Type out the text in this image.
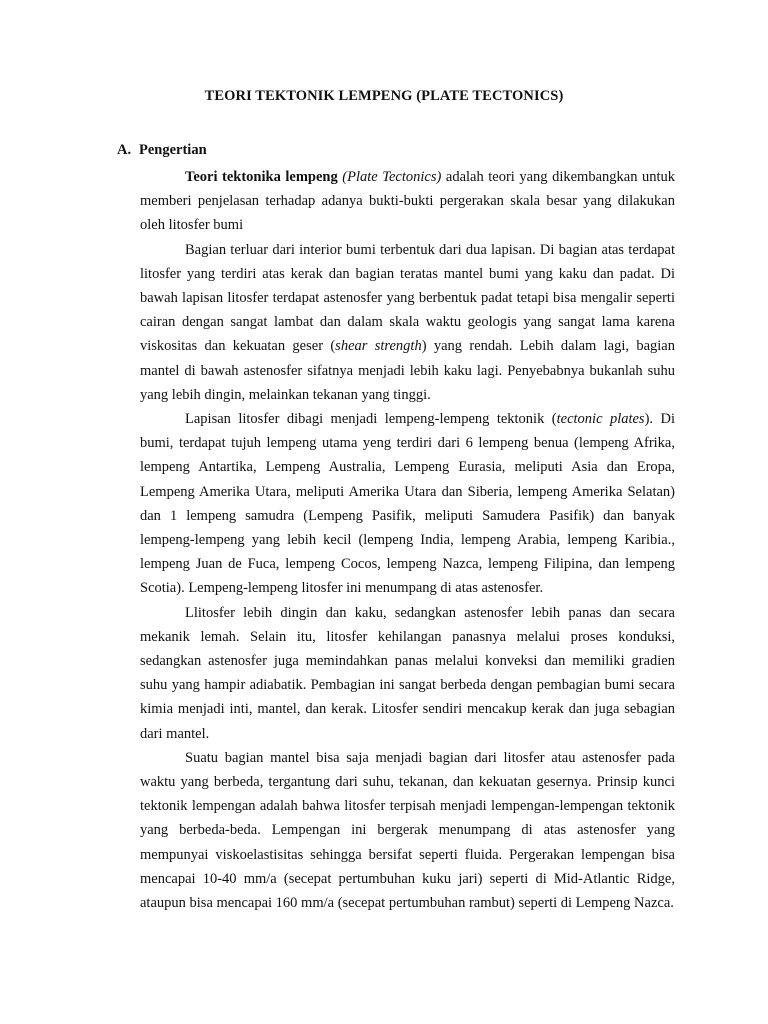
TEORI TEKTONIK LEMPENG (PLATE TECTONICS)
A. Pengertian

Teori tektonika lempeng (Plate Tectonics) adalah teori yang dikembangkan untuk memberi penjelasan terhadap adanya bukti-bukti pergerakan skala besar yang dilakukan oleh litosfer bumi

Bagian terluar dari interior bumi terbentuk dari dua lapisan. Di bagian atas terdapat litosfer yang terdiri atas kerak dan bagian teratas mantel bumi yang kaku dan padat. Di bawah lapisan litosfer terdapat astenosfer yang berbentuk padat tetapi bisa mengalir seperti cairan dengan sangat lambat dan dalam skala waktu geologis yang sangat lama karena viskositas dan kekuatan geser (shear strength) yang rendah. Lebih dalam lagi, bagian mantel di bawah astenosfer sifatnya menjadi lebih kaku lagi. Penyebabnya bukanlah suhu yang lebih dingin, melainkan tekanan yang tinggi.

Lapisan litosfer dibagi menjadi lempeng-lempeng tektonik (tectonic plates). Di bumi, terdapat tujuh lempeng utama yeng terdiri dari 6 lempeng benua (lempeng Afrika, lempeng Antartika, Lempeng Australia, Lempeng Eurasia, meliputi Asia dan Eropa, Lempeng Amerika Utara, meliputi Amerika Utara dan Siberia, lempeng Amerika Selatan) dan 1 lempeng samudra (Lempeng Pasifik, meliputi Samudera Pasifik) dan banyak lempeng-lempeng yang lebih kecil (lempeng India, lempeng Arabia, lempeng Karibia., lempeng Juan de Fuca, lempeng Cocos, lempeng Nazca, lempeng Filipina, dan lempeng Scotia). Lempeng-lempeng litosfer ini menumpang di atas astenosfer.

Llitosfer lebih dingin dan kaku, sedangkan astenosfer lebih panas dan secara mekanik lemah. Selain itu, litosfer kehilangan panasnya melalui proses konduksi, sedangkan astenosfer juga memindahkan panas melalui konveksi dan memiliki gradien suhu yang hampir adiabatik. Pembagian ini sangat berbeda dengan pembagian bumi secara kimia menjadi inti, mantel, dan kerak. Litosfer sendiri mencakup kerak dan juga sebagian dari mantel.

Suatu bagian mantel bisa saja menjadi bagian dari litosfer atau astenosfer pada waktu yang berbeda, tergantung dari suhu, tekanan, dan kekuatan gesernya. Prinsip kunci tektonik lempengan adalah bahwa litosfer terpisah menjadi lempengan-lempengan tektonik yang berbeda-beda. Lempengan ini bergerak menumpang di atas astenosfer yang mempunyai viskoelastisitas sehingga bersifat seperti fluida. Pergerakan lempengan bisa mencapai 10-40 mm/a (secepat pertumbuhan kuku jari) seperti di Mid-Atlantic Ridge, ataupun bisa mencapai 160 mm/a (secepat pertumbuhan rambut) seperti di Lempeng Nazca.
